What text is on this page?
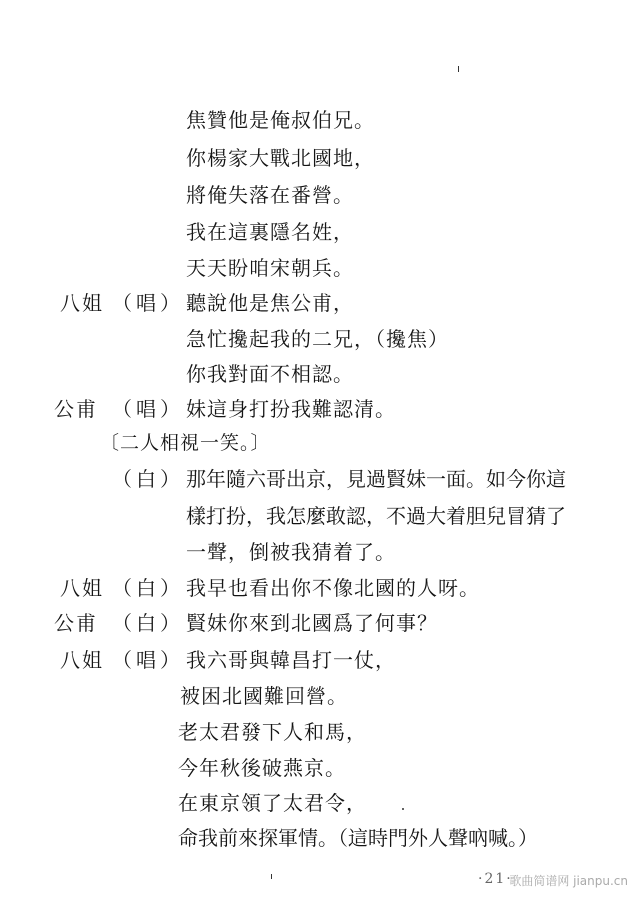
焦贊他是俺叔伯兄。
你楊家大戰北國地，
將俺失落在番營。
我在這裏隱名姓，
天天盼咱宋朝兵。
八姐 （唱） 聽說他是焦公甫，
急忙攙起我的二兄，（攙焦）
你我對面不相認。
公甫 （唱） 妹這身打扮我難認清。
〔二人相視一笑。〕
（白） 那年隨六哥出京，見過賢妹一面。如今你這
樣打扮，我怎麼敢認，不過大着胆兒冒猜了
一聲，倒被我猜着了。
八姐 （白） 我早也看出你不像北國的人呀。
公甫 （白） 賢妹你來到北國爲了何事？
八姐 （唱） 我六哥與韓昌打一仗，
被困北國難回營。
老太君發下人和馬，
今年秋後破燕京。
在東京領了太君令，
命我前來探軍情。（這時門外人聲吶喊。）
·21·
歌曲简谱网 jianpu.cn
